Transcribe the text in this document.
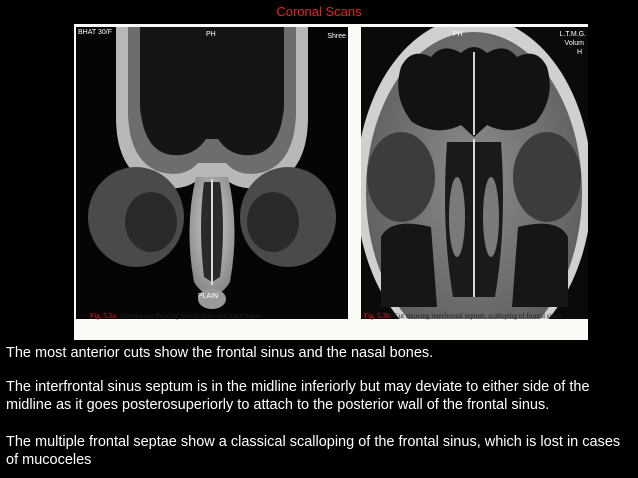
Coronal Scans
BHAT 30/F	PH	Shree
PLAIN
PH	L.T.M.G.
Volum
H
Fig. 5.3a: Anterior cut showing frontal sinus and nasal bones	Fig. 5.3b: Cut showing interfrontal septum, scalloping of frontal sinus
The most anterior cuts show the frontal sinus and the nasal bones.
The interfrontal sinus septum is in the midline inferiorly but may deviate to either side of the midline as it goes posterosuperiorly to attach to the posterior wall of the frontal sinus.
The multiple frontal septae show a classical scalloping of the frontal sinus, which is lost in cases of mucoceles
